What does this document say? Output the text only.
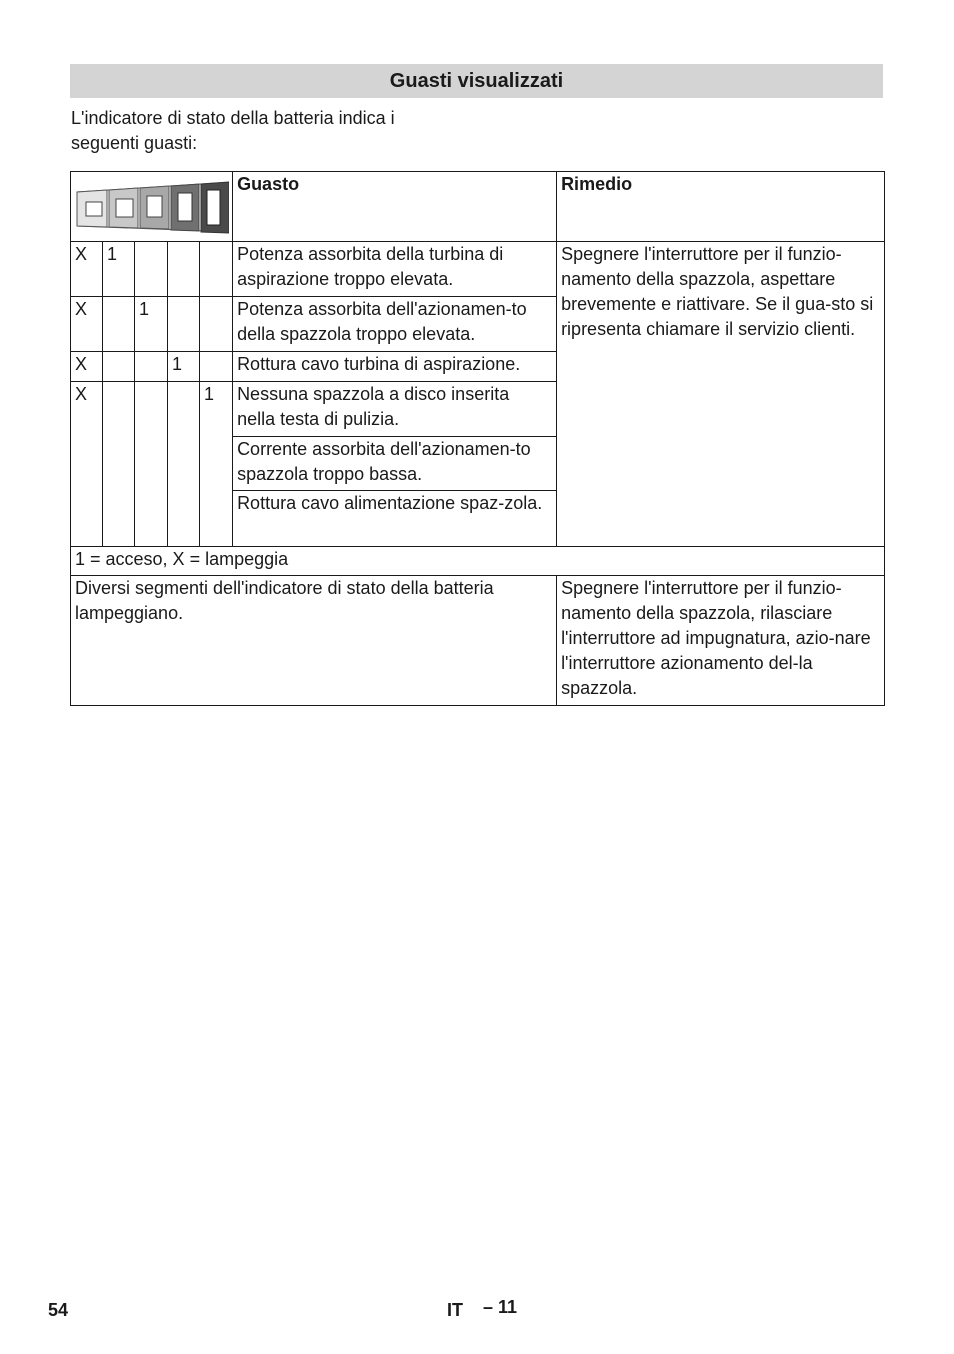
Guasti visualizzati
L'indicatore di stato della batteria indica i
seguenti guasti:
	Guasto	Rimedio
X	1				Potenza assorbita della turbina di aspirazione troppo elevata.	Spegnere l'interruttore per il funzio-namento della spazzola, aspettare brevemente e riattivare. Se il gua-sto si ripresenta chiamare il servizio clienti.
X		1			Potenza assorbita dell'azionamen-to della spazzola troppo elevata.	
X			1		Rottura cavo turbina di aspirazione.	
X				1	Nessuna spazzola a disco inserita nella testa di pulizia.	
					Corrente assorbita dell'azionamen-to spazzola troppo bassa.	
					Rottura cavo alimentazione spaz-zola.	
1 = acceso, X = lampeggia						
Diversi segmenti dell'indicatore di stato della batteria lampeggiano.						Spegnere l'interruttore per il funzio-namento della spazzola, rilasciare l'interruttore ad impugnatura, azio-nare l'interruttore azionamento del-la spazzola.
54	IT – 11
